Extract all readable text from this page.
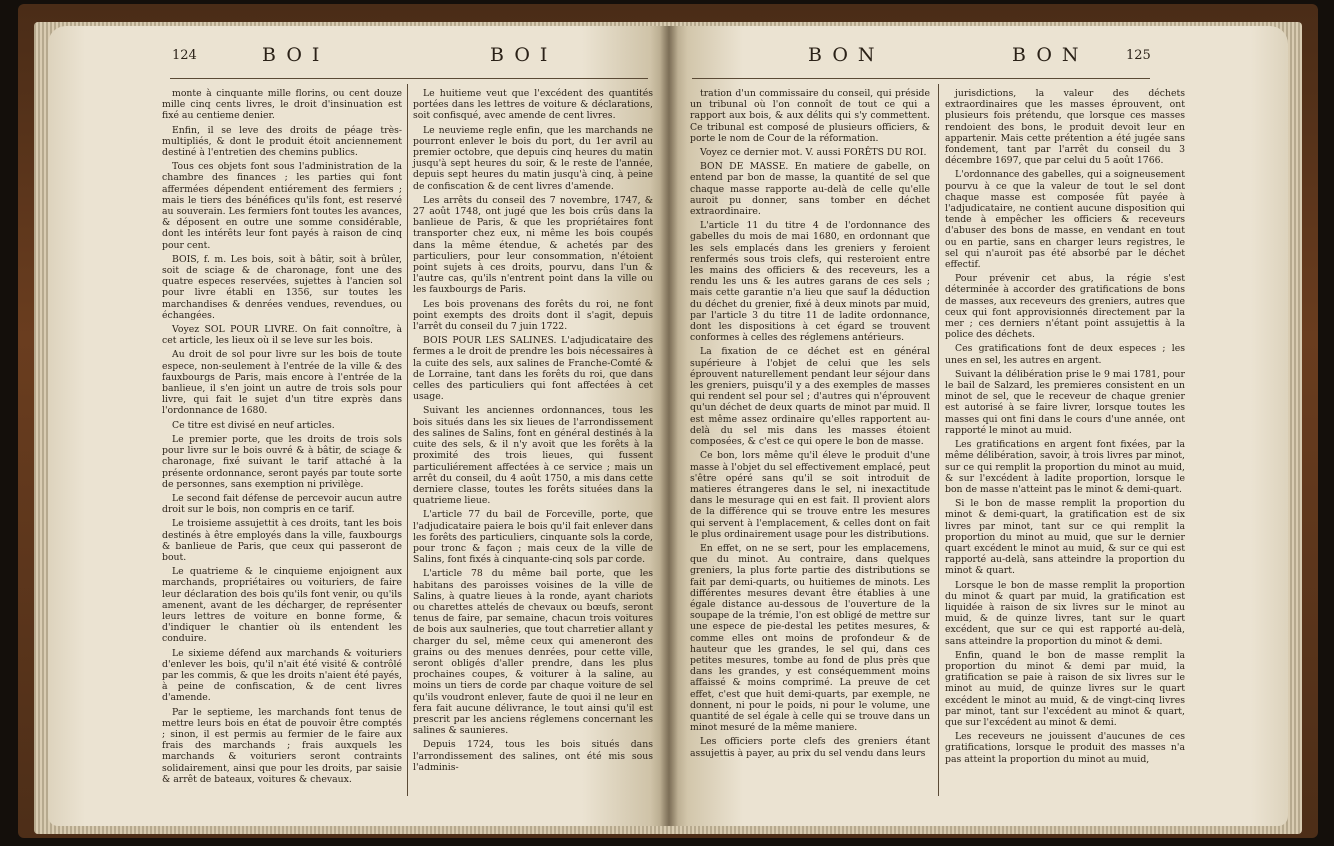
124	BOI	BOI

monte à cinquante mille florins, ou cent douze mille cinq cents livres, le droit d'insinuation est fixé au centieme denier.

Enfin, il se leve des droits de péage très-multipliés, & dont le produit étoit anciennement destiné à l'entretien des chemins publics.

Tous ces objets font sous l'administration de la chambre des finances ; les parties qui font affermées dépendent entiérement des fermiers ; mais le tiers des bénéfices qu'ils font, est reservé au souverain. Les fermiers font toutes les avances, & déposent en outre une somme considérable, dont les intérêts leur font payés à raison de cinq pour cent.

BOIS, f. m. Les bois, soit à bâtir, soit à brûler, soit de sciage & de charonage, font une des quatre especes reservées, sujettes à l'ancien sol pour livre établi en 1356, sur toutes les marchandises & denrées vendues, revendues, ou échangées.

Voyez SOL POUR LIVRE. On fait connoître, à cet article, les lieux où il se leve sur les bois.

Au droit de sol pour livre sur les bois de toute espece, non-seulement à l'entrée de la ville & des fauxbourgs de Paris, mais encore à l'entrée de la banlieue, il s'en joint un autre de trois sols pour livre, qui fait le sujet d'un titre exprès dans l'ordonnance de 1680.

Ce titre est divisé en neuf articles.

Le premier porte, que les droits de trois sols pour livre sur le bois ouvré & à bâtir, de sciage & charonage, fixé suivant le tarif attaché à la présente ordonnance, seront payés par toute sorte de personnes, sans exemption ni privilège.

Le second fait défense de percevoir aucun autre droit sur le bois, non compris en ce tarif.

Le troisieme assujettit à ces droits, tant les bois destinés à être employés dans la ville, fauxbourgs & banlieue de Paris, que ceux qui passeront de bout.

Le quatrieme & le cinquieme enjoignent aux marchands, propriétaires ou voituriers, de faire leur déclaration des bois qu'ils font venir, ou qu'ils amenent, avant de les décharger, de représenter leurs lettres de voiture en bonne forme, & d'indiquer le chantier où ils entendent les conduire.

Le sixieme défend aux marchands & voituriers d'enlever les bois, qu'il n'ait été visité & contrôlé par les commis, & que les droits n'aient été payés, à peine de confiscation, & de cent livres d'amende.

Par le septieme, les marchands font tenus de mettre leurs bois en état de pouvoir être comptés ; sinon, il est permis au fermier de le faire aux frais des marchands ; frais auxquels les marchands & voituriers seront contraints solidairement, ainsi que pour les droits, par saisie & arrêt de bateaux, voitures & chevaux.

Le huitieme veut que l'excédent des quantités portées dans les lettres de voiture & déclarations, soit confisqué, avec amende de cent livres.

Le neuvieme regle enfin, que les marchands ne pourront enlever le bois du port, du 1er avril au premier octobre, que depuis cinq heures du matin jusqu'à sept heures du soir, & le reste de l'année, depuis sept heures du matin jusqu'à cinq, à peine de confiscation & de cent livres d'amende.

Les arrêts du conseil des 7 novembre, 1747, & 27 août 1748, ont jugé que les bois crûs dans la banlieue de Paris, & que les propriétaires font transporter chez eux, ni même les bois coupés dans la même étendue, & achetés par des particuliers, pour leur consommation, n'étoient point sujets à ces droits, pourvu, dans l'un & l'autre cas, qu'ils n'entrent point dans la ville ou les fauxbourgs de Paris.

Les bois provenans des forêts du roi, ne font point exempts des droits dont il s'agit, depuis l'arrêt du conseil du 7 juin 1722.

BOIS POUR LES SALINES. L'adjudicataire des fermes a le droit de prendre les bois nécessaires à la cuite des sels, aux salines de Franche-Comté & de Lorraine, tant dans les forêts du roi, que dans celles des particuliers qui font affectées à cet usage.

Suivant les anciennes ordonnances, tous les bois situés dans les six lieues de l'arrondissement des salines de Salins, font en général destinés à la cuite des sels, & il n'y avoit que les forêts à la proximité des trois lieues, qui fussent particuliérement affectées à ce service ; mais un arrêt du conseil, du 4 août 1750, a mis dans cette derniere classe, toutes les forêts situées dans la quatrieme lieue.

L'article 77 du bail de Forceville, porte, que l'adjudicataire paiera le bois qu'il fait enlever dans les forêts des particuliers, cinquante sols la corde, pour tronc & façon ; mais ceux de la ville de Salins, font fixés à cinquante-cinq sols par corde.

L'article 78 du même bail porte, que les habitans des paroisses voisines de la ville de Salins, à quatre lieues à la ronde, ayant chariots ou charettes attelés de chevaux ou bœufs, seront tenus de faire, par semaine, chacun trois voitures de bois aux saulneries, que tout charretier allant y charger du sel, même ceux qui ameneront des grains ou des menues denrées, pour cette ville, seront obligés d'aller prendre, dans les plus prochaines coupes, & voiturer à la saline, au moins un tiers de corde par chaque voiture de sel qu'ils voudront enlever, faute de quoi il ne leur en fera fait aucune délivrance, le tout ainsi qu'il est prescrit par les anciens réglemens concernant les salines & saunieres.

Depuis 1724, tous les bois situés dans l'arrondissement des salines, ont été mis sous l'adminis-

BON	BON	125

tration d'un commissaire du conseil, qui préside un tribunal où l'on connoît de tout ce qui a rapport aux bois, & aux délits qui s'y commettent. Ce tribunal est composé de plusieurs officiers, & porte le nom de Cour de la réformation.

Voyez ce dernier mot. V. aussi FORÊTS DU ROI.

BON DE MASSE. En matiere de gabelle, on entend par bon de masse, la quantité de sel que chaque masse rapporte au-delà de celle qu'elle auroit pu donner, sans tomber en déchet extraordinaire.

L'article 11 du titre 4 de l'ordonnance des gabelles du mois de mai 1680, en ordonnant que les sels emplacés dans les greniers y feroient renfermés sous trois clefs, qui resteroient entre les mains des officiers & des receveurs, les a rendu les uns & les autres garans de ces sels ; mais cette garantie n'a lieu que sauf la déduction du déchet du grenier, fixé à deux minots par muid, par l'article 3 du titre 11 de ladite ordonnance, dont les dispositions à cet égard se trouvent conformes à celles des réglemens antérieurs.

La fixation de ce déchet est en général supérieure à l'objet de celui que les sels éprouvent naturellement pendant leur séjour dans les greniers, puisqu'il y a des exemples de masses qui rendent sel pour sel ; d'autres qui n'éprouvent qu'un déchet de deux quarts de minot par muid. Il est même assez ordinaire qu'elles rapportent au-delà du sel mis dans les masses étoient composées, & c'est ce qui opere le bon de masse.

Ce bon, lors même qu'il éleve le produit d'une masse à l'objet du sel effectivement emplacé, peut s'être opéré sans qu'il se soit introduit de matieres étrangeres dans le sel, ni inexactitude dans le mesurage qui en est fait. Il provient alors de la différence qui se trouve entre les mesures qui servent à l'emplacement, & celles dont on fait le plus ordinairement usage pour les distributions.

En effet, on ne se sert, pour les emplacemens, que du minot. Au contraire, dans quelques greniers, la plus forte partie des distributions se fait par demi-quarts, ou huitiemes de minots. Les différentes mesures devant être établies à une égale distance au-dessous de l'ouverture de la soupape de la trémie, l'on est obligé de mettre sur une espece de pie-destal les petites mesures, & comme elles ont moins de profondeur & de hauteur que les grandes, le sel qui, dans ces petites mesures, tombe au fond de plus près que dans les grandes, y est conséquemment moins affaissé & moins comprimé. La preuve de cet effet, c'est que huit demi-quarts, par exemple, ne donnent, ni pour le poids, ni pour le volume, une quantité de sel égale à celle qui se trouve dans un minot mesuré de la même maniere.

Les officiers porte clefs des greniers étant assujettis à payer, au prix du sel vendu dans leurs

jurisdictions, la valeur des déchets extraordinaires que les masses éprouvent, ont plusieurs fois prétendu, que lorsque ces masses rendoient des bons, le produit devoit leur en appartenir. Mais cette prétention a été jugée sans fondement, tant par l'arrêt du conseil du 3 décembre 1697, que par celui du 5 août 1766.

L'ordonnance des gabelles, qui a soigneusement pourvu à ce que la valeur de tout le sel dont chaque masse est composée fût payée à l'adjudicataire, ne contient aucune disposition qui tende à empêcher les officiers & receveurs d'abuser des bons de masse, en vendant en tout ou en partie, sans en charger leurs registres, le sel qui n'auroit pas été absorbé par le déchet effectif.

Pour prévenir cet abus, la régie s'est déterminée à accorder des gratifications de bons de masses, aux receveurs des greniers, autres que ceux qui font approvisionnés directement par la mer ; ces derniers n'étant point assujettis à la police des déchets.

Ces gratifications font de deux especes ; les unes en sel, les autres en argent.

Suivant la délibération prise le 9 mai 1781, pour le bail de Salzard, les premieres consistent en un minot de sel, que le receveur de chaque grenier est autorisé à se faire livrer, lorsque toutes les masses qui ont fini dans le cours d'une année, ont rapporté le minot au muid.

Les gratifications en argent font fixées, par la même délibération, savoir, à trois livres par minot, sur ce qui remplit la proportion du minot au muid, & sur l'excédent à ladite proportion, lorsque le bon de masse n'atteint pas le minot & demi-quart.

Si le bon de masse remplit la proportion du minot & demi-quart, la gratification est de six livres par minot, tant sur ce qui remplit la proportion du minot au muid, que sur le dernier quart excédent le minot au muid, & sur ce qui est rapporté au-delà, sans atteindre la proportion du minot & quart.

Lorsque le bon de masse remplit la proportion du minot & quart par muid, la gratification est liquidée à raison de six livres sur le minot au muid, & de quinze livres, tant sur le quart excédent, que sur ce qui est rapporté au-delà, sans atteindre la proportion du minot & demi.

Enfin, quand le bon de masse remplit la proportion du minot & demi par muid, la gratification se paie à raison de six livres sur le minot au muid, de quinze livres sur le quart excédent le minot au muid, & de vingt-cinq livres par minot, tant sur l'excédent au minot & quart, que sur l'excédent au minot & demi.

Les receveurs ne jouissent d'aucunes de ces gratifications, lorsque le produit des masses n'a pas atteint la proportion du minot au muid,
